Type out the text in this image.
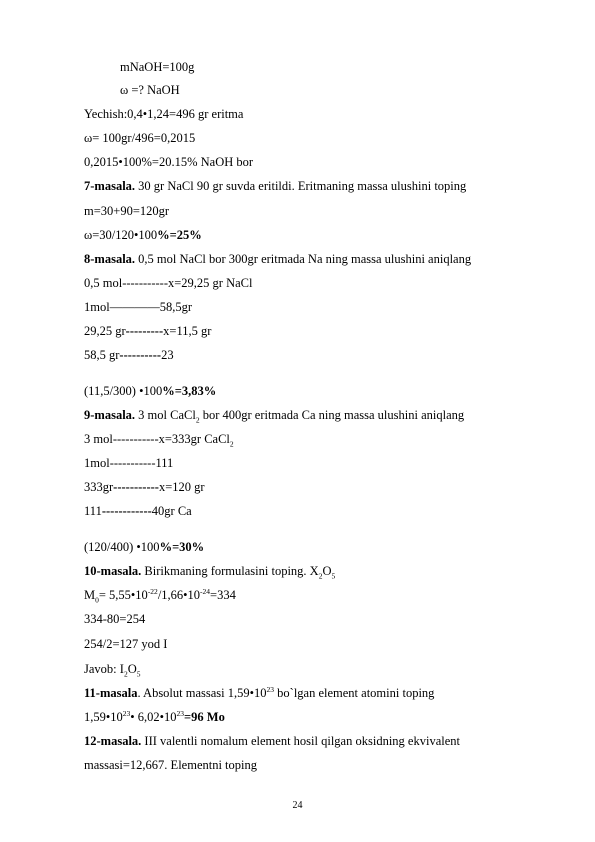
mNaOH=100g
ω =? NaOH
Yechish:0,4•1,24=496 gr eritma
ω= 100gr/496=0,2015
0,2015•100%=20.15% NaOH bor
7-masala. 30 gr NaCl 90 gr suvda eritildi. Eritmaning massa ulushini toping
m=30+90=120gr
ω=30/120•100%=25%
8-masala. 0,5 mol NaCl bor 300gr eritmada Na ning massa ulushini aniqlang
0,5 mol-----------x=29,25 gr NaCl
1mol————58,5gr
29,25 gr---------x=11,5 gr
58,5 gr----------23
(11,5/300) •100%=3,83%
9-masala. 3 mol CaCl$_2$ bor 400gr eritmada Ca ning massa ulushini aniqlang
3 mol-----------x=333gr CaCl$_2$
1mol-----------111
333gr-----------x=120 gr
111------------40gr Ca
(120/400) •100%=30%
10-masala. Birikmaning formulasini toping. $X_2O_5$
$M_0=$ $5,55•10^{-22}/1,66•10^{-24}=334$
334-80=254
254/2=127 yod I
Javob: $I_2O_5$
11-masala. Absolut massasi $1,59•10^{23}$ bo`lgan element atomini toping
$1,59•10^{23}•$ $6,02•10^{23}=96$ Mo
12-masala. III valentli nomalum element hosil qilgan oksidning ekvivalent
massasi=12,667. Elementni toping
24
